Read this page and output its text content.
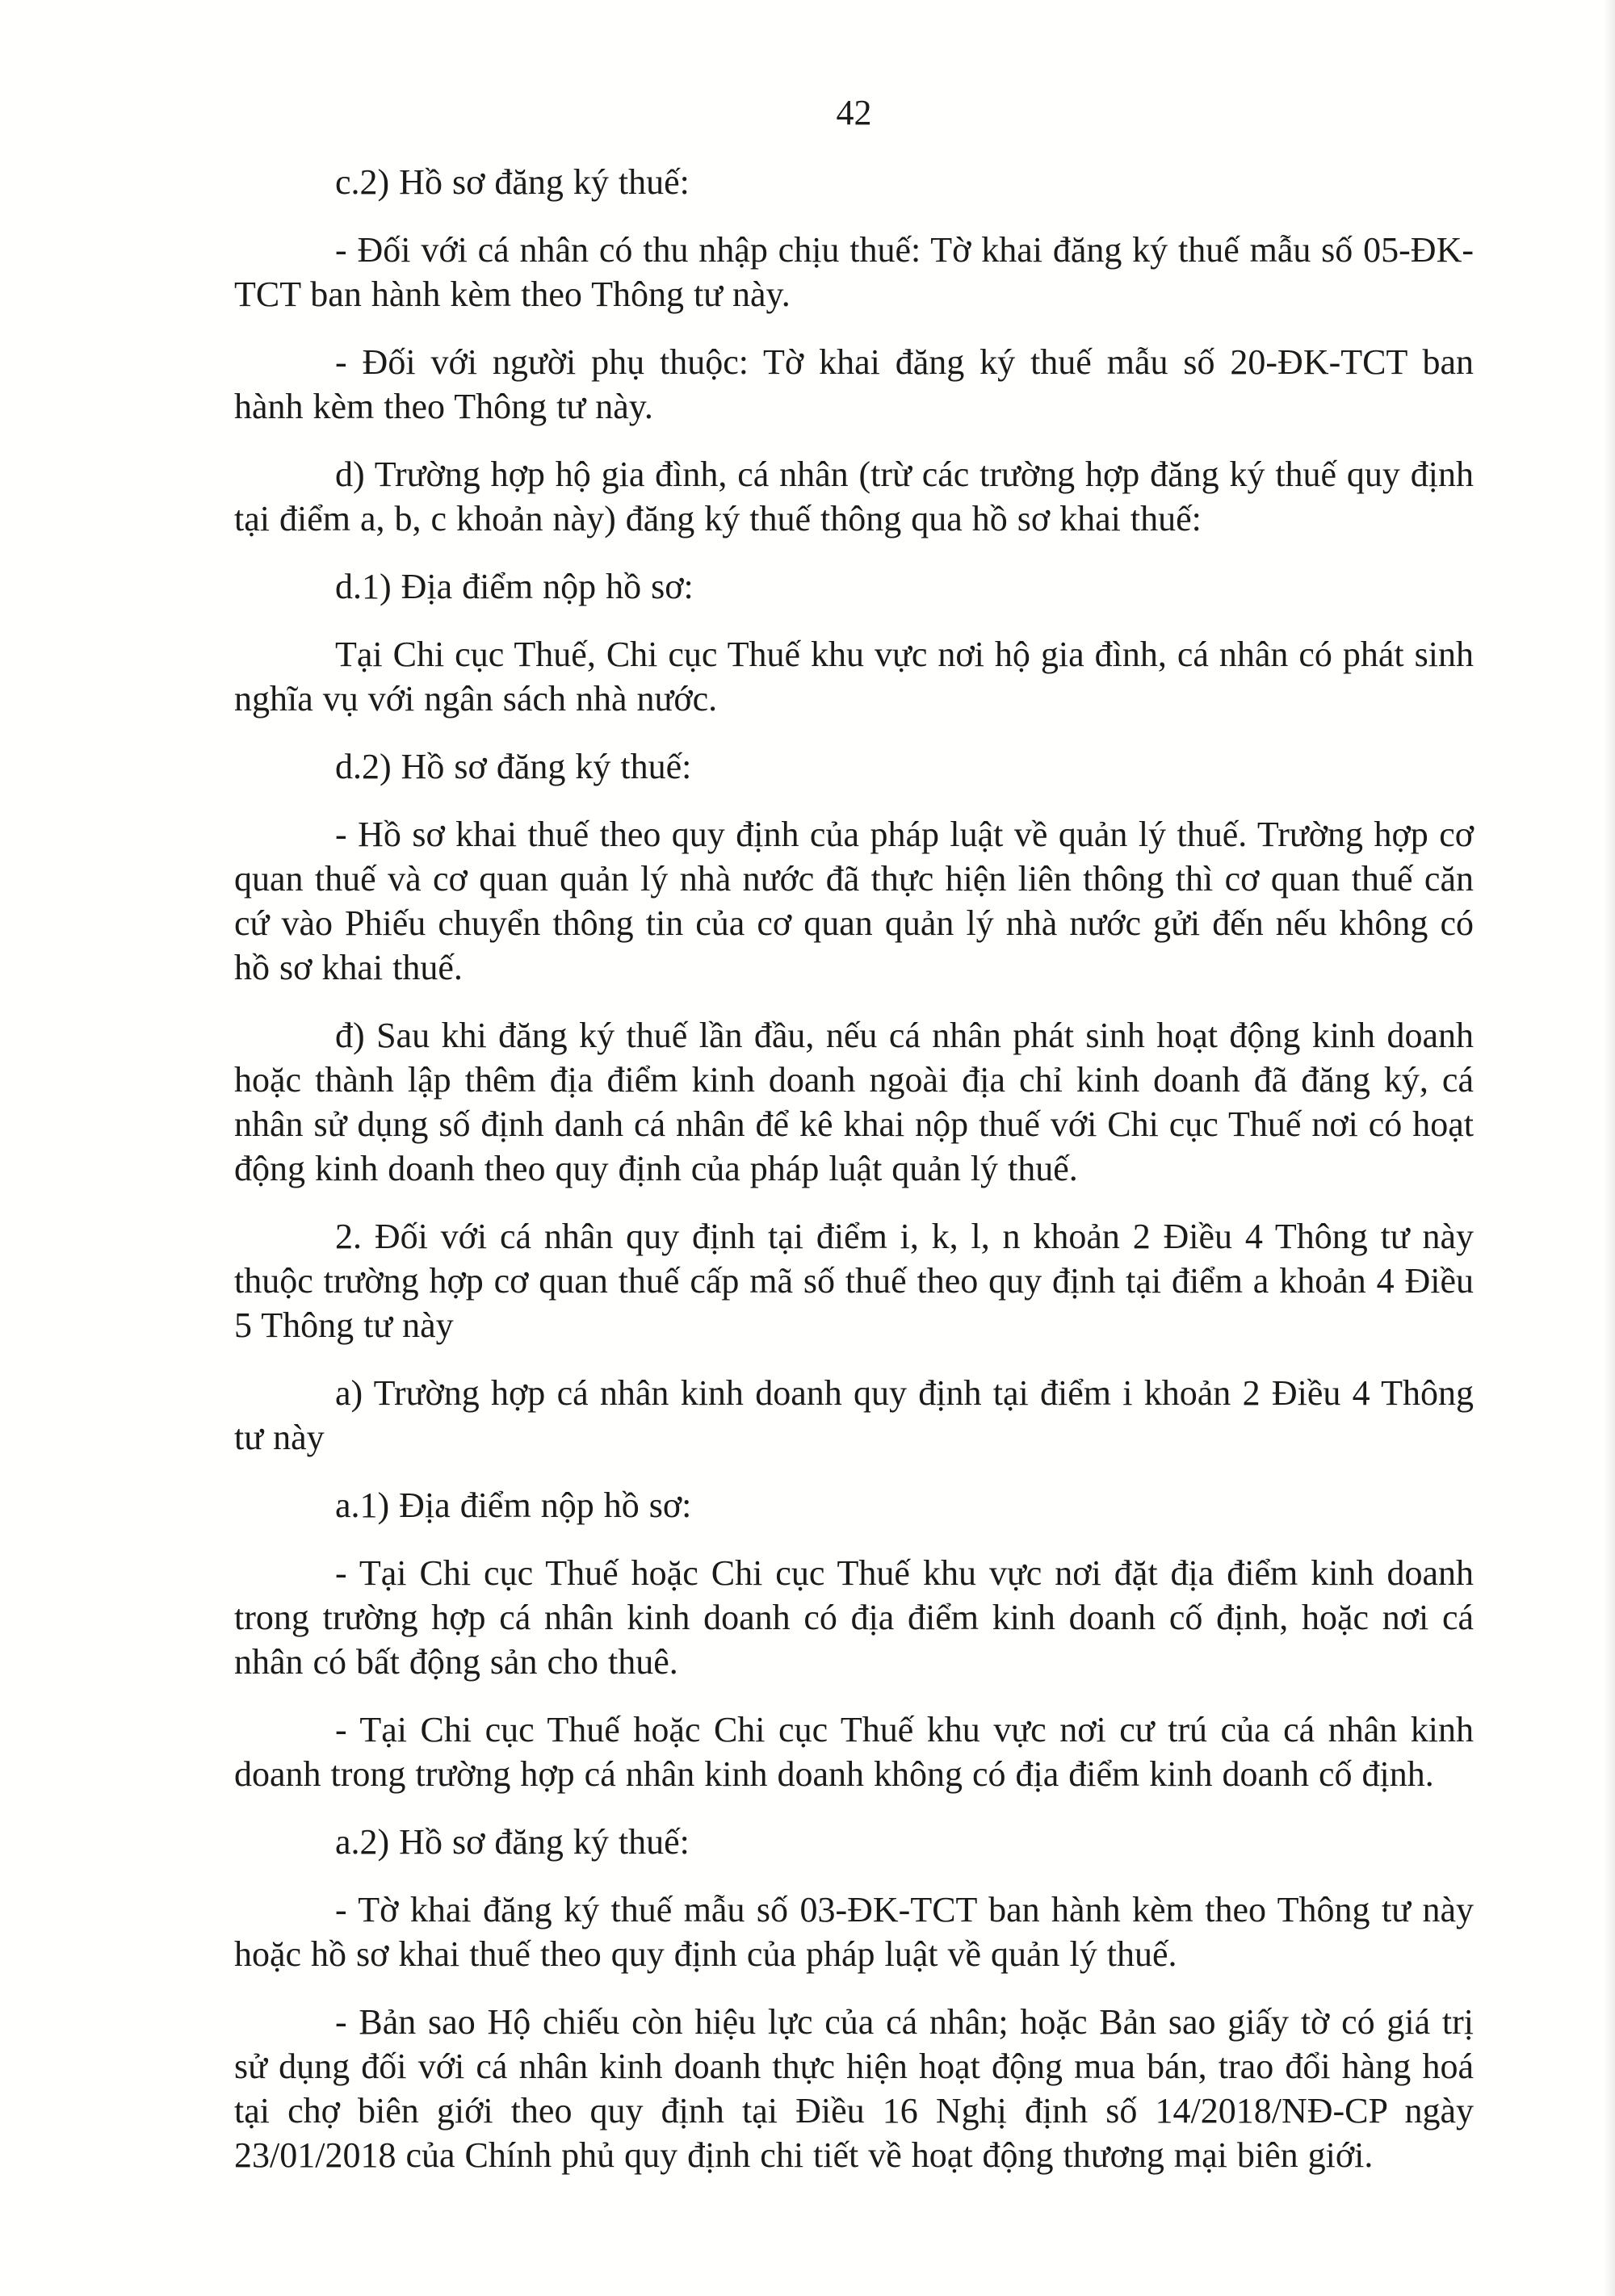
42

c.2) Hồ sơ đăng ký thuế:

- Đối với cá nhân có thu nhập chịu thuế: Tờ khai đăng ký thuế mẫu số 05-ĐK-TCT ban hành kèm theo Thông tư này.

- Đối với người phụ thuộc: Tờ khai đăng ký thuế mẫu số 20-ĐK-TCT ban hành kèm theo Thông tư này.

d) Trường hợp hộ gia đình, cá nhân (trừ các trường hợp đăng ký thuế quy định tại điểm a, b, c khoản này) đăng ký thuế thông qua hồ sơ khai thuế:

d.1) Địa điểm nộp hồ sơ:

Tại Chi cục Thuế, Chi cục Thuế khu vực nơi hộ gia đình, cá nhân có phát sinh nghĩa vụ với ngân sách nhà nước.

d.2) Hồ sơ đăng ký thuế:

- Hồ sơ khai thuế theo quy định của pháp luật về quản lý thuế. Trường hợp cơ quan thuế và cơ quan quản lý nhà nước đã thực hiện liên thông thì cơ quan thuế căn cứ vào Phiếu chuyển thông tin của cơ quan quản lý nhà nước gửi đến nếu không có hồ sơ khai thuế.

đ) Sau khi đăng ký thuế lần đầu, nếu cá nhân phát sinh hoạt động kinh doanh hoặc thành lập thêm địa điểm kinh doanh ngoài địa chỉ kinh doanh đã đăng ký, cá nhân sử dụng số định danh cá nhân để kê khai nộp thuế với Chi cục Thuế nơi có hoạt động kinh doanh theo quy định của pháp luật quản lý thuế.

2. Đối với cá nhân quy định tại điểm i, k, l, n khoản 2 Điều 4 Thông tư này thuộc trường hợp cơ quan thuế cấp mã số thuế theo quy định tại điểm a khoản 4 Điều 5 Thông tư này

a) Trường hợp cá nhân kinh doanh quy định tại điểm i khoản 2 Điều 4 Thông tư này

a.1) Địa điểm nộp hồ sơ:

- Tại Chi cục Thuế hoặc Chi cục Thuế khu vực nơi đặt địa điểm kinh doanh trong trường hợp cá nhân kinh doanh có địa điểm kinh doanh cố định, hoặc nơi cá nhân có bất động sản cho thuê.

- Tại Chi cục Thuế hoặc Chi cục Thuế khu vực nơi cư trú của cá nhân kinh doanh trong trường hợp cá nhân kinh doanh không có địa điểm kinh doanh cố định.

a.2) Hồ sơ đăng ký thuế:

- Tờ khai đăng ký thuế mẫu số 03-ĐK-TCT ban hành kèm theo Thông tư này hoặc hồ sơ khai thuế theo quy định của pháp luật về quản lý thuế.

- Bản sao Hộ chiếu còn hiệu lực của cá nhân; hoặc Bản sao giấy tờ có giá trị sử dụng đối với cá nhân kinh doanh thực hiện hoạt động mua bán, trao đổi hàng hoá tại chợ biên giới theo quy định tại Điều 16 Nghị định số 14/2018/NĐ-CP ngày 23/01/2018 của Chính phủ quy định chi tiết về hoạt động thương mại biên giới.
